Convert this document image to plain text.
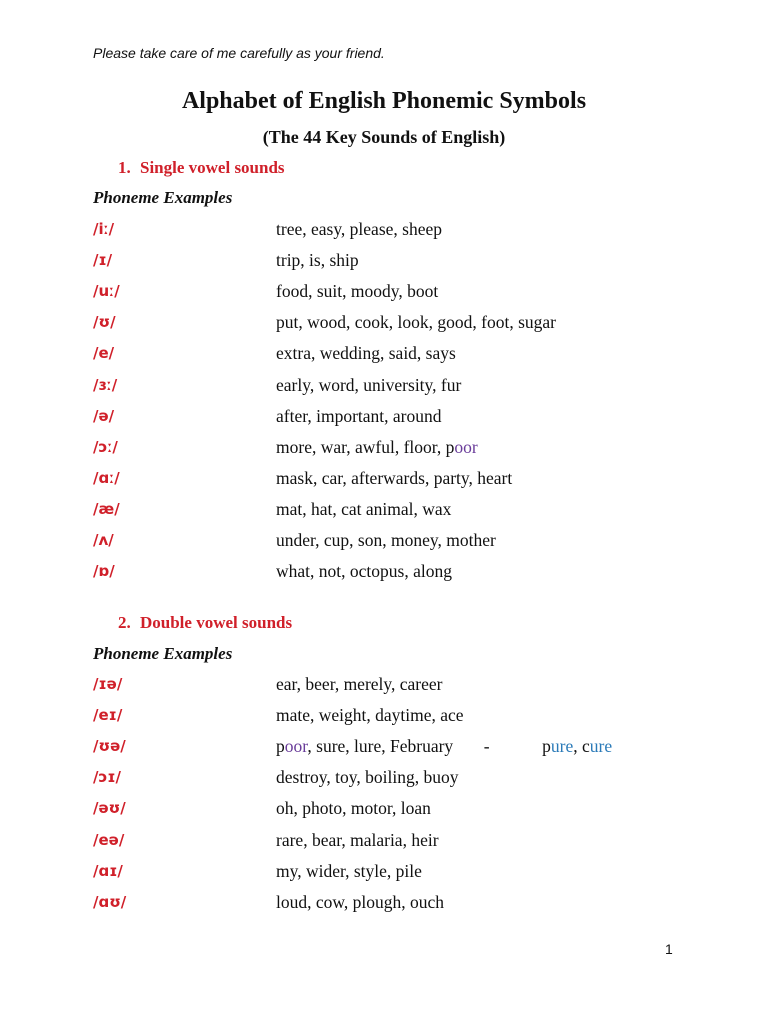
Please take care of me carefully as your friend.
Alphabet of English Phonemic Symbols
(The 44 Key Sounds of English)
1. Single vowel sounds
Phoneme Examples
/iː/	tree, easy, please, sheep
/ɪ/	trip, is, ship
/uː/	food, suit, moody, boot
/ʊ/	put, wood, cook, look, good, foot, sugar
/e/	extra, wedding, said, says
/ɜː/	early, word, university, fur
/ə/	after, important, around
/ɔː/	more, war, awful, floor, poor
/ɑː/	mask, car, afterwards, party, heart
/æ/	mat, hat, cat animal, wax
/ʌ/	under, cup, son, money, mother
/ɒ/	what, not, octopus, along
2. Double vowel sounds
Phoneme Examples
/ɪə/	ear, beer, merely, career
/eɪ/	mate, weight, daytime, ace
/ʊə/	poor, sure, lure, February       -            pure, cure
/ɔɪ/	destroy, toy, boiling, buoy
/əʊ/	oh, photo, motor, loan
/eə/	rare, bear, malaria, heir
/ɑɪ/	my, wider, style, pile
/ɑʊ/	loud, cow, plough, ouch
1
